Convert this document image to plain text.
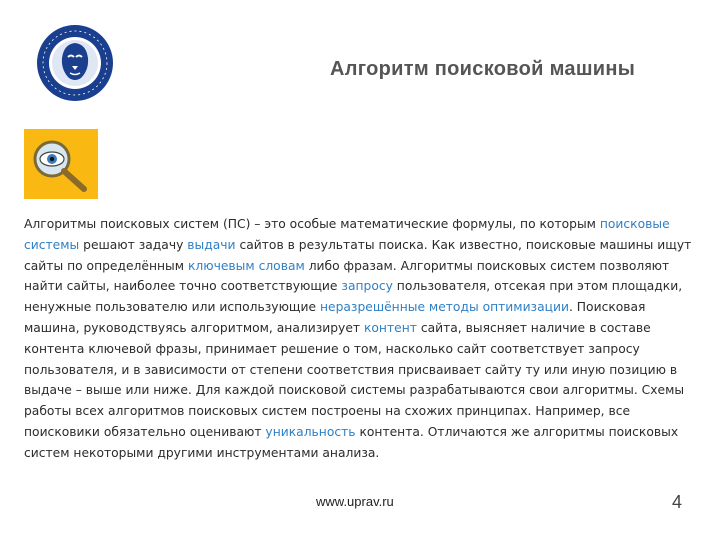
Алгоритм поисковой машины

Алгоритмы поисковых систем (ПС) – это особые математические формулы, по которым поисковые системы решают задачу выдачи сайтов в результаты поиска. Как известно, поисковые машины ищут сайты по определённым ключевым словам либо фразам. Алгоритмы поисковых систем позволяют найти сайты, наиболее точно соответствующие запросу пользователя, отсекая при этом площадки, ненужные пользователю или использующие неразрешённые методы оптимизации. Поисковая машина, руководствуясь алгоритмом, анализирует контент сайта, выясняет наличие в составе контента ключевой фразы, принимает решение о том, насколько сайт соответствует запросу пользователя, и в зависимости от степени соответствия присваивает сайту ту или иную позицию в выдаче – выше или ниже. Для каждой поисковой системы разрабатываются свои алгоритмы. Схемы работы всех алгоритмов поисковых систем построены на схожих принципах. Например, все поисковики обязательно оценивают уникальность контента. Отличаются же алгоритмы поисковых систем некоторыми другими инструментами анализа.

www.uprav.ru	4
